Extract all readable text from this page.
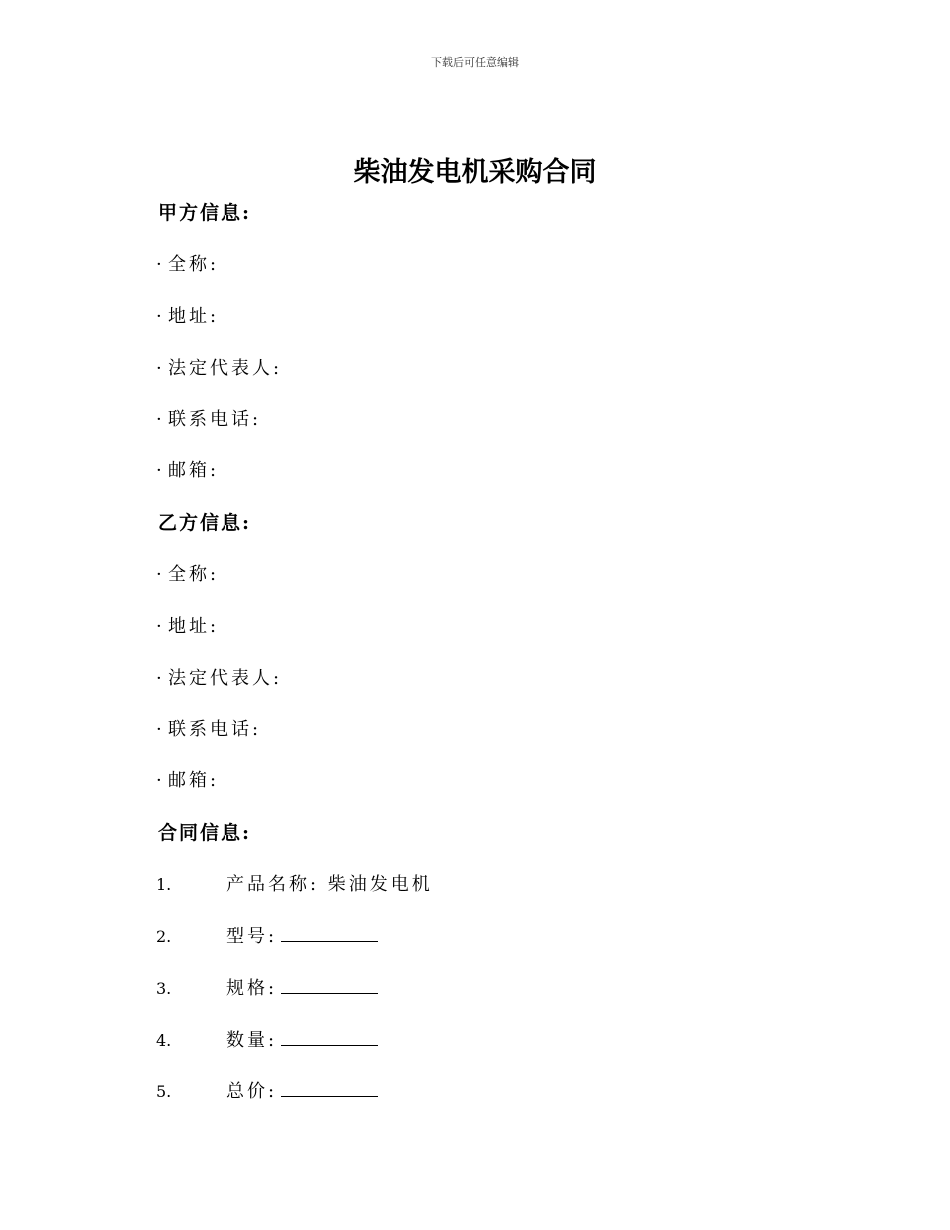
下载后可任意编辑
柴油发电机采购合同
甲方信息:
· 全称:
· 地址:
· 法定代表人:
· 联系电话:
· 邮箱:
乙方信息:
· 全称:
· 地址:
· 法定代表人:
· 联系电话:
· 邮箱:
合同信息:
1.	产品名称: 柴油发电机
2.	型号:
3.	规格:
4.	数量:
5.	总价:
